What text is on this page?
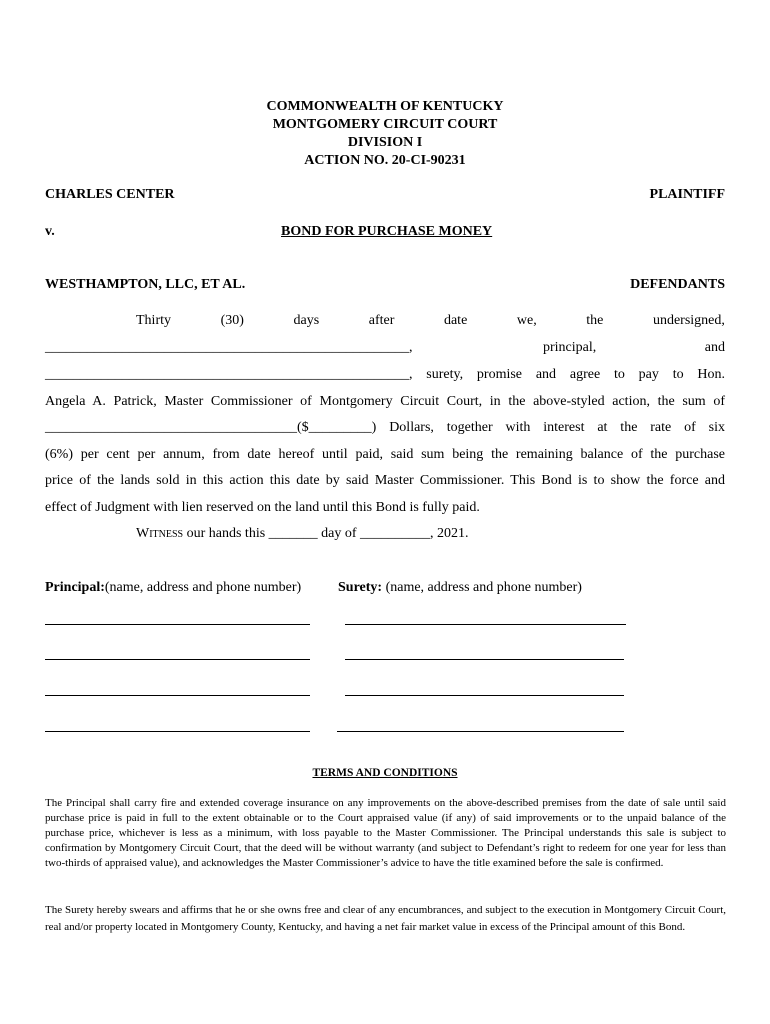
COMMONWEALTH OF KENTUCKY
MONTGOMERY CIRCUIT COURT
DIVISION I
ACTION NO. 20-CI-90231
CHARLES CENTER	PLAINTIFF
v.	BOND FOR PURCHASE MONEY
WESTHAMPTON, LLC, ET AL.	DEFENDANTS
Thirty	(30)	days	after	date	we,	the	undersigned,
____________________________________________________,	principal,	and
____________________________________________________, surety, promise and agree to pay to Hon.
Angela A. Patrick, Master Commissioner of Montgomery Circuit Court, in the above-styled action, the sum of
____________________________________($_________) Dollars, together with interest at the rate of six
(6%) per cent per annum, from date hereof until paid, said sum being the remaining balance of the purchase
price of the lands sold in this action this date by said Master Commissioner. This Bond is to show the force and
effect of Judgment with lien reserved on the land until this Bond is fully paid.
Witness our hands this _______ day of __________, 2021.
Principal:(name, address and phone number)	Surety: (name, address and phone number)
TERMS AND CONDITIONS

The Principal shall carry fire and extended coverage insurance on any improvements on the above-described premises from the date of sale until said purchase price is paid in full to the extent obtainable or to the Court appraised value (if any) of said improvements or to the unpaid balance of the purchase price, whichever is less as a minimum, with loss payable to the Master Commissioner. The Principal understands this sale is subject to confirmation by Montgomery Circuit Court, that the deed will be without warranty (and subject to Defendant’s right to redeem for one year for less than two-thirds of appraised value), and acknowledges the Master Commissioner’s advice to have the title examined before the sale is confirmed.

The Surety hereby swears and affirms that he or she owns free and clear of any encumbrances, and subject to the execution in Montgomery Circuit Court, real and/or property located in Montgomery County, Kentucky, and having a net fair market value in excess of the Principal amount of this Bond.
